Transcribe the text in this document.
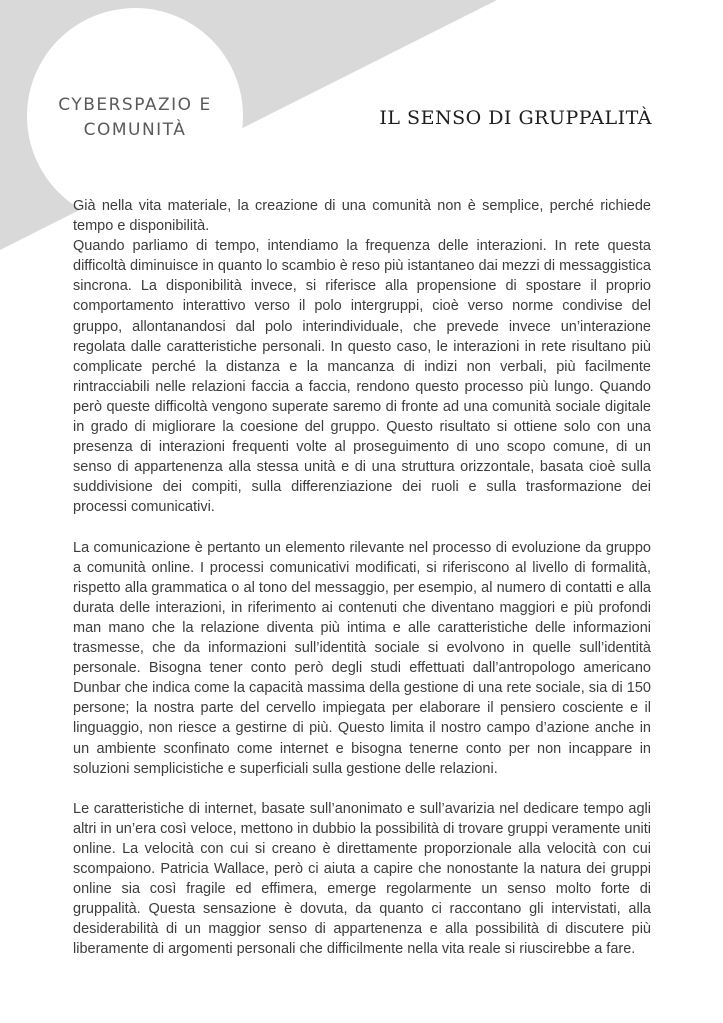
CYBERSPAZIO E
COMUNITÀ
IL SENSO DI GRUPPALITÀ

Già nella vita materiale, la creazione di una comunità non è semplice, perché richiede tempo e disponibilità.
Quando parliamo di tempo, intendiamo la frequenza delle interazioni. In rete questa difficoltà diminuisce in quanto lo scambio è reso più istantaneo dai mezzi di messaggistica sincrona. La disponibilità invece, si riferisce alla propensione di spostare il proprio comportamento interattivo verso il polo intergruppi, cioè verso norme condivise del gruppo, allontanandosi dal polo interindividuale, che prevede invece un’interazione regolata dalle caratteristiche personali. In questo caso, le interazioni in rete risultano più complicate perché la distanza e la mancanza di indizi non verbali, più facilmente rintracciabili nelle relazioni faccia a faccia, rendono questo processo più lungo. Quando però queste difficoltà vengono superate saremo di fronte ad una comunità sociale digitale in grado di migliorare la coesione del gruppo. Questo risultato si ottiene solo con una presenza di interazioni frequenti volte al proseguimento di uno scopo comune, di un senso di appartenenza alla stessa unità e di una struttura orizzontale, basata cioè sulla suddivisione dei compiti, sulla differenziazione dei ruoli e sulla trasformazione dei processi comunicativi.

La comunicazione è pertanto un elemento rilevante nel processo di evoluzione da gruppo a comunità online. I processi comunicativi modificati, si riferiscono al livello di formalità, rispetto alla grammatica o al tono del messaggio, per esempio, al numero di contatti e alla durata delle interazioni, in riferimento ai contenuti che diventano maggiori e più profondi man mano che la relazione diventa più intima e alle caratteristiche delle informazioni trasmesse, che da informazioni sull’identità sociale si evolvono in quelle sull’identità personale. Bisogna tener conto però degli studi effettuati dall’antropologo americano Dunbar che indica come la capacità massima della gestione di una rete sociale, sia di 150 persone; la nostra parte del cervello impiegata per elaborare il pensiero cosciente e il linguaggio, non riesce a gestirne di più. Questo limita il nostro campo d’azione anche in un ambiente sconfinato come internet e bisogna tenerne conto per non incappare in soluzioni semplicistiche e superficiali sulla gestione delle relazioni.

Le caratteristiche di internet, basate sull’anonimato e sull’avarizia nel dedicare tempo agli altri in un’era così veloce, mettono in dubbio la possibilità di trovare gruppi veramente uniti online. La velocità con cui si creano è direttamente proporzionale alla velocità con cui scompaiono. Patricia Wallace, però ci aiuta a capire che nonostante la natura dei gruppi online sia così fragile ed effimera, emerge regolarmente un senso molto forte di gruppalità. Questa sensazione è dovuta, da quanto ci raccontano gli intervistati, alla desiderabilità di un maggior senso di appartenenza e alla possibilità di discutere più liberamente di argomenti personali che difficilmente nella vita reale si riuscirebbe a fare.
